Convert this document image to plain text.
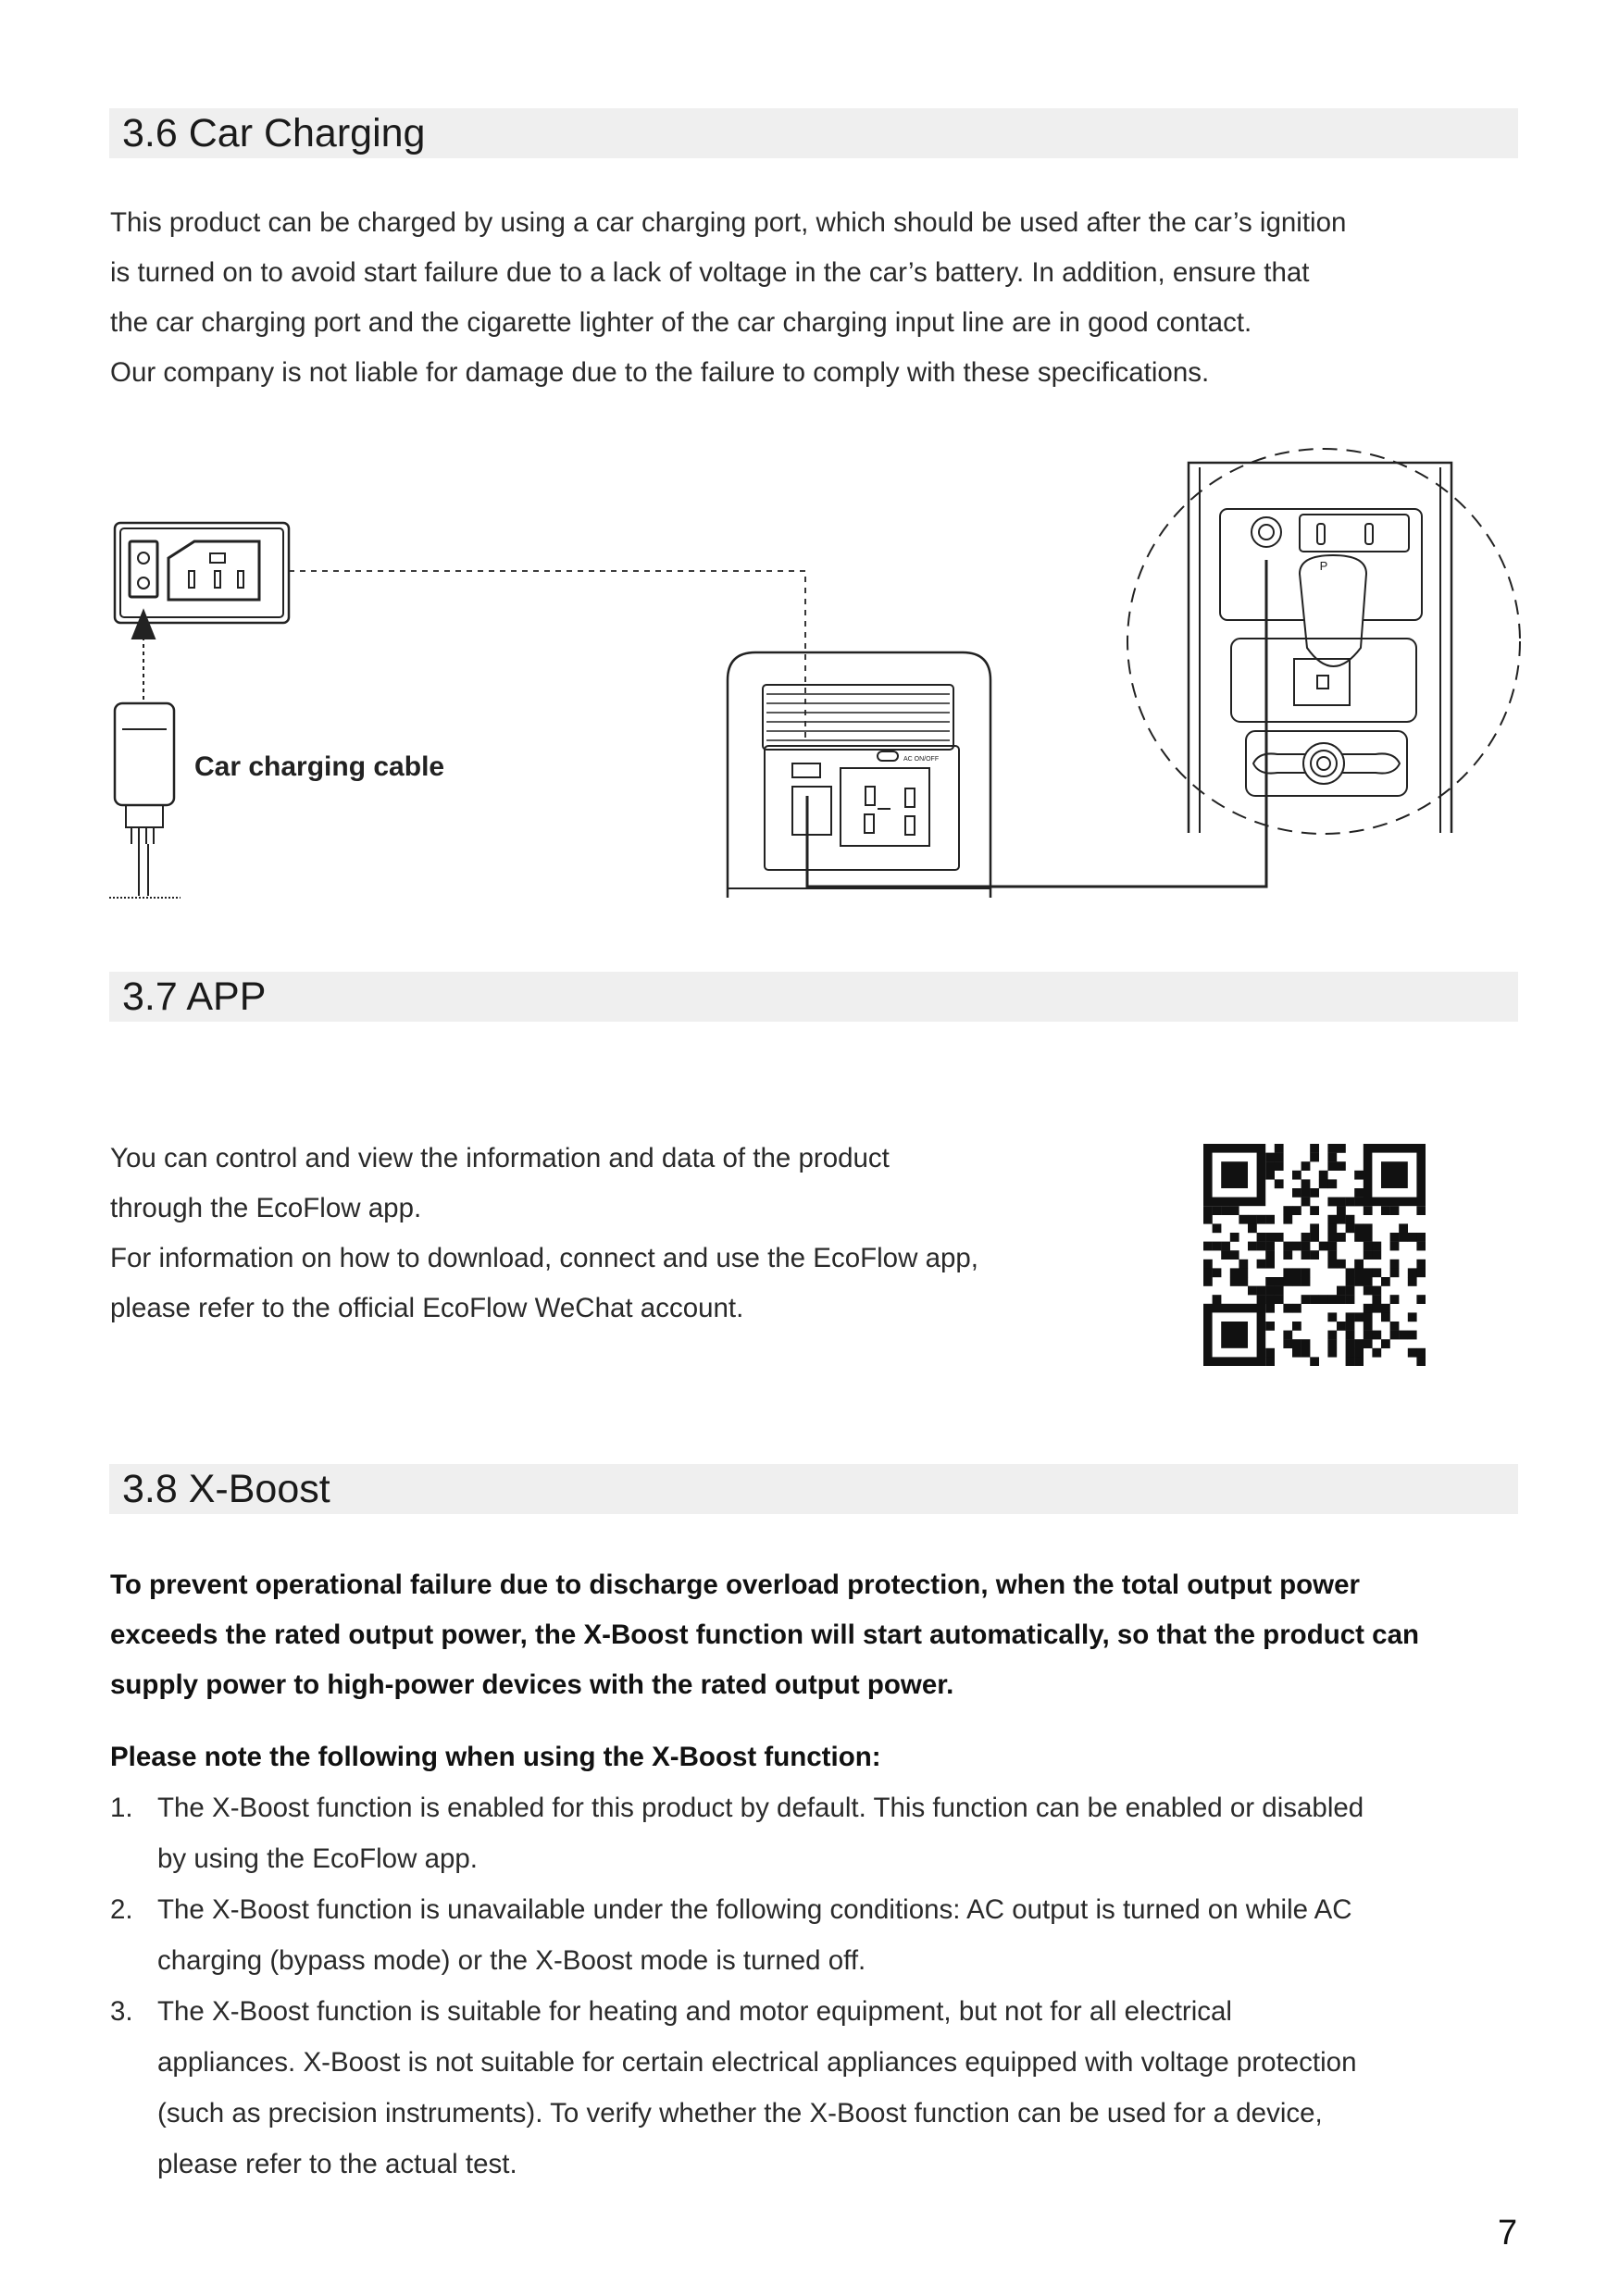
3.6 Car Charging
This product can be charged by using a car charging port, which should be used after the car’s ignition
is turned on to avoid start failure due to a lack of voltage in the car’s battery. In addition, ensure that
the car charging port and the cigarette lighter of the car charging input line are in good contact.
Our company is not liable for damage due to the failure to comply with these specifications.
Car charging cable	AC ON/OFF
P
3.7 APP
You can control and view the information and data of the product
through the EcoFlow app.
For information on how to download, connect and use the EcoFlow app,
please refer to the official EcoFlow WeChat account.
3.8 X-Boost
To prevent operational failure due to discharge overload protection, when the total output power
exceeds the rated output power, the X-Boost function will start automatically, so that the product can
supply power to high-power devices with the rated output power.
Please note the following when using the X-Boost function:
1. The X-Boost function is enabled for this product by default. This function can be enabled or disabled
by using the EcoFlow app.
2. The X-Boost function is unavailable under the following conditions: AC output is turned on while AC
charging (bypass mode) or the X-Boost mode is turned off.
3. The X-Boost function is suitable for heating and motor equipment, but not for all electrical
appliances. X-Boost is not suitable for certain electrical appliances equipped with voltage protection
(such as precision instruments). To verify whether the X-Boost function can be used for a device,
please refer to the actual test.
7
